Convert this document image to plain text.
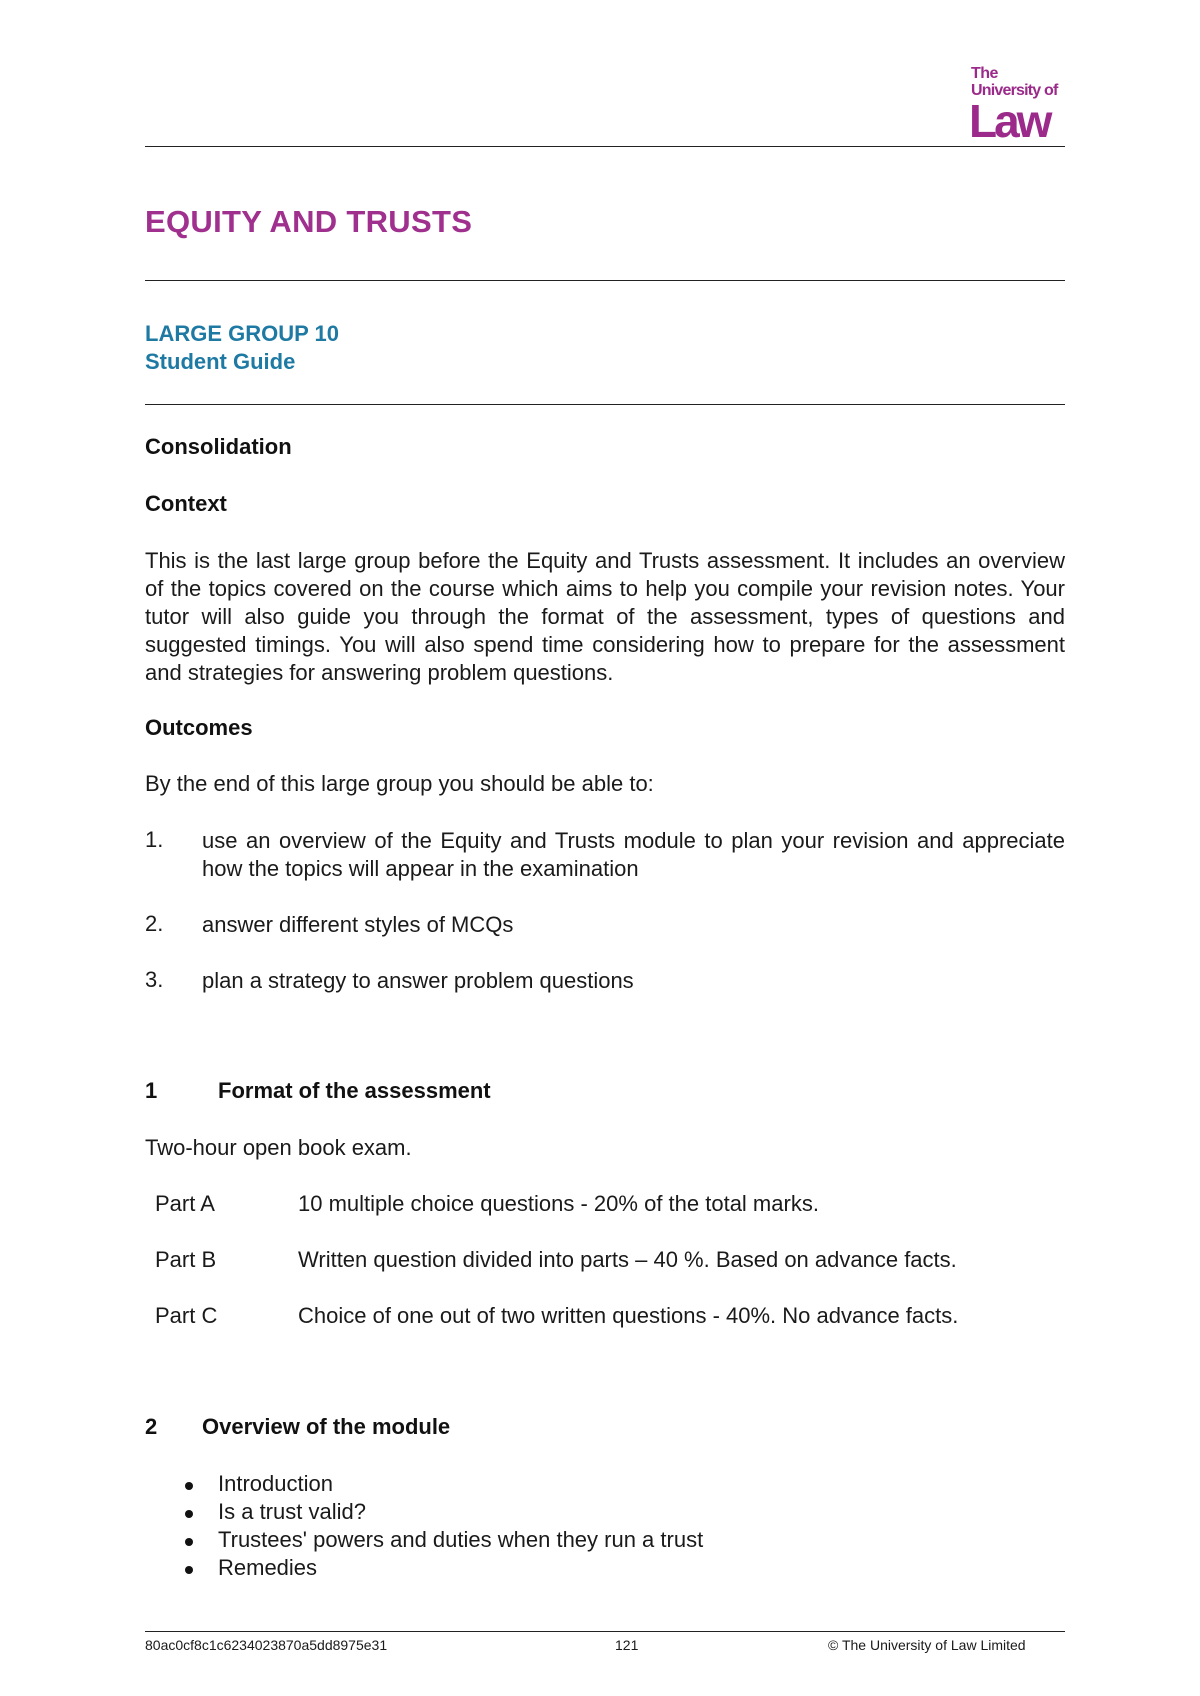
The
University of
Law
EQUITY AND TRUSTS
LARGE GROUP 10
Student Guide
Consolidation
Context
This is the last large group before the Equity and Trusts assessment. It includes an overview of the topics covered on the course which aims to help you compile your revision notes. Your tutor will also guide you through the format of the assessment, types of questions and suggested timings. You will also spend time considering how to prepare for the assessment and strategies for answering problem questions.
Outcomes
By the end of this large group you should be able to:
1. use an overview of the Equity and Trusts module to plan your revision and appreciate how the topics will appear in the examination
2. answer different styles of MCQs
3. plan a strategy to answer problem questions
1	Format of the assessment
Two-hour open book exam.
Part A	10 multiple choice questions - 20% of the total marks.
Part B	Written question divided into parts – 40 %. Based on advance facts.
Part C	Choice of one out of two written questions - 40%. No advance facts.
2 Overview of the module
Introduction
Is a trust valid?
Trustees' powers and duties when they run a trust
Remedies
80ac0cf8c1c6234023870a5dd8975e31	121	© The University of Law Limited
